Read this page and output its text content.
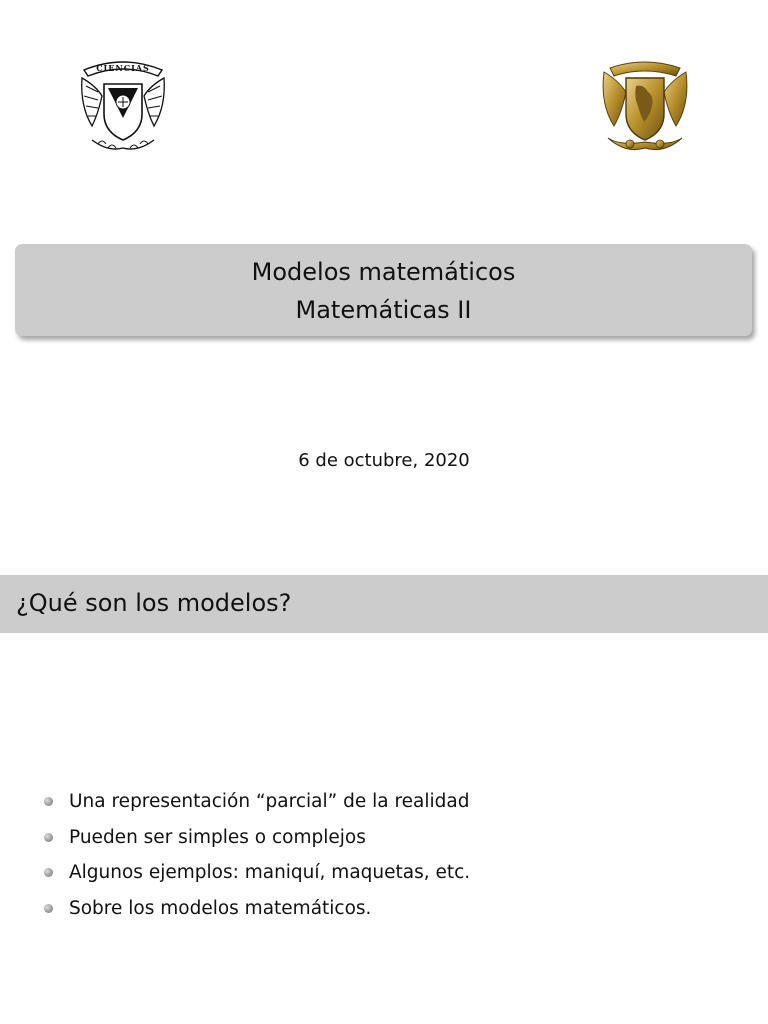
CIENCIAS
Modelos matemáticos
Matemáticas II
6 de octubre, 2020
¿Qué son los modelos?
Una representación “parcial” de la realidad
Pueden ser simples o complejos
Algunos ejemplos: maniquí, maquetas, etc.
Sobre los modelos matemáticos.
